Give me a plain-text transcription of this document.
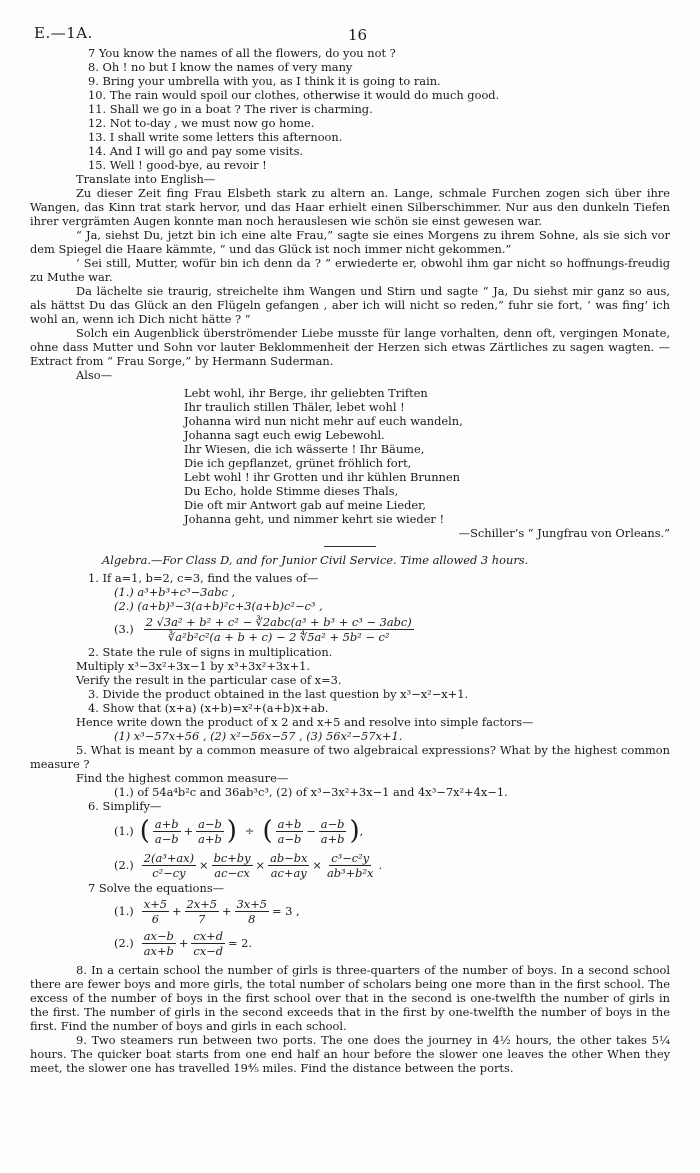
E.—1A.	16

7 You know the names of all the flowers, do you not ?

8. Oh ! no but I know the names of very many

9. Bring your umbrella with you, as I think it is going to rain.

10. The rain would spoil our clothes, otherwise it would do much good.

11. Shall we go in a boat ? The river is charming.

12. Not to-day , we must now go home.

13. I shall write some letters this afternoon.

14. And I will go and pay some visits.

15. Well ! good-bye, au revoir !

Translate into English—

Zu dieser Zeit fing Frau Elsbeth stark zu altern an. Lange, schmale Furchen zogen sich über ihre Wangen, das Kinn trat stark hervor, und das Haar erhielt einen Silberschimmer. Nur aus den dunkeln Tiefen ihrer vergrämten Augen konnte man noch herauslesen wie schön sie einst gewesen war.

“ Ja, siehst Du, jetzt bin ich eine alte Frau,” sagte sie eines Morgens zu ihrem Sohne, als sie sich vor dem Spiegel die Haare kämmte, “ und das Glück ist noch immer nicht gekommen.”

‘ Sei still, Mutter, wofür bin ich denn da ? ” erwiederte er, obwohl ihm gar nicht so hoffnungs-freudig zu Muthe war.

Da lächelte sie traurig, streichelte ihm Wangen und Stirn und sagte “ Ja, Du siehst mir ganz so aus, als hättst Du das Glück an den Flügeln gefangen , aber ich will nicht so reden,” fuhr sie fort, ‘ was fing’ ich wohl an, wenn ich Dich nicht hätte ? ”

Solch ein Augenblick überströmender Liebe musste für lange vorhalten, denn oft, vergingen Monate, ohne dass Mutter und Sohn vor lauter Beklommenheit der Herzen sich etwas Zärtliches zu sagen wagten. —Extract from “ Frau Sorge,” by Hermann Suderman.

Also—

Lebt wohl, ihr Berge, ihr geliebten Triften

Ihr traulich stillen Thäler, lebet wohl !

Johanna wird nun nicht mehr auf euch wandeln,

Johanna sagt euch ewig Lebewohl.

Ihr Wiesen, die ich wässerte ! Ihr Bäume,

Die ich gepflanzet, grünet fröhlich fort,

Lebt wohl ! ihr Grotten und ihr kühlen Brunnen

Du Echo, holde Stimme dieses Thals,

Die oft mir Antwort gab auf meine Lieder,

Johanna geht, und nimmer kehrt sie wieder !

—Schiller’s “ Jungfrau von Orleans.”

Algebra.—For Class D, and for Junior Civil Service. Time allowed 3 hours.

1. If a=1, b=2, c=3, find the values of—

(1.) a³+b³+c³−3abc ,

(2.) (a+b)³−3(a+b)²c+3(a+b)c²−c³ ,

$(3.) \frac{\text{2 √3a² + b² + c² − ∛2abc(a³ + b³ + c³ − 3abc)}}{\text{∛a²b²c²(a + b + c) − 2 ∜5a² + 5b² − c²}}$

2. State the rule of signs in multiplication.

Multiply x³−3x²+3x−1 by x³+3x²+3x+1.

Verify the result in the particular case of x=3.

3. Divide the product obtained in the last question by x³−x²−x+1.

4. Show that (x+a) (x+b)=x²+(a+b)x+ab.

Hence write down the product of x 2 and x+5 and resolve into simple factors—

(1) x³−57x+56 , (2) x²−56x−57 , (3) 56x²−57x+1.

5. What is meant by a common measure of two algebraical expressions? What by the highest common measure ?

Find the highest common measure—

(1.) of 54a⁴b²c and 36ab³c³, (2) of x³−3x²+3x−1 and 4x³−7x²+4x−1.

6. Simplify—

(1.) ( $\frac{a+b}{a-b} + \frac{a-b}{a+b}$ ) ÷ ( $\frac{a+b}{a-b} - \frac{a-b}{a+b}$ ) ,
$(2.) \frac{\text{2(a³+ax)}}{\text{c²−cy}} \times \frac{bc+by}{ac-cx} \times \frac{ab-bx}{ac+ay} \times \frac{\text{c³−c²y}}{\text{ab³+b²x}}$ .

7 Solve the equations—

$(1.) \frac{x+5}{6} + \frac{2x+5}{7} + \frac{3x+5}{8} = 3$ ,
$(2.) \frac{ax-b}{ax+b} + \frac{cx+d}{cx-d} = 2$.

8. In a certain school the number of girls is three-quarters of the number of boys. In a second school there are fewer boys and more girls, the total number of scholars being one more than in the first school. The excess of the number of boys in the first school over that in the second is one-twelfth the number of girls in the first. The number of girls in the second exceeds that in the first by one-twelfth the number of boys in the first. Find the number of boys and girls in each school.

9. Two steamers run between two ports. The one does the journey in 4½ hours, the other takes 5¼ hours. The quicker boat starts from one end half an hour before the slower one leaves the other When they meet, the slower one has travelled 19⅘ miles. Find the distance between the ports.
